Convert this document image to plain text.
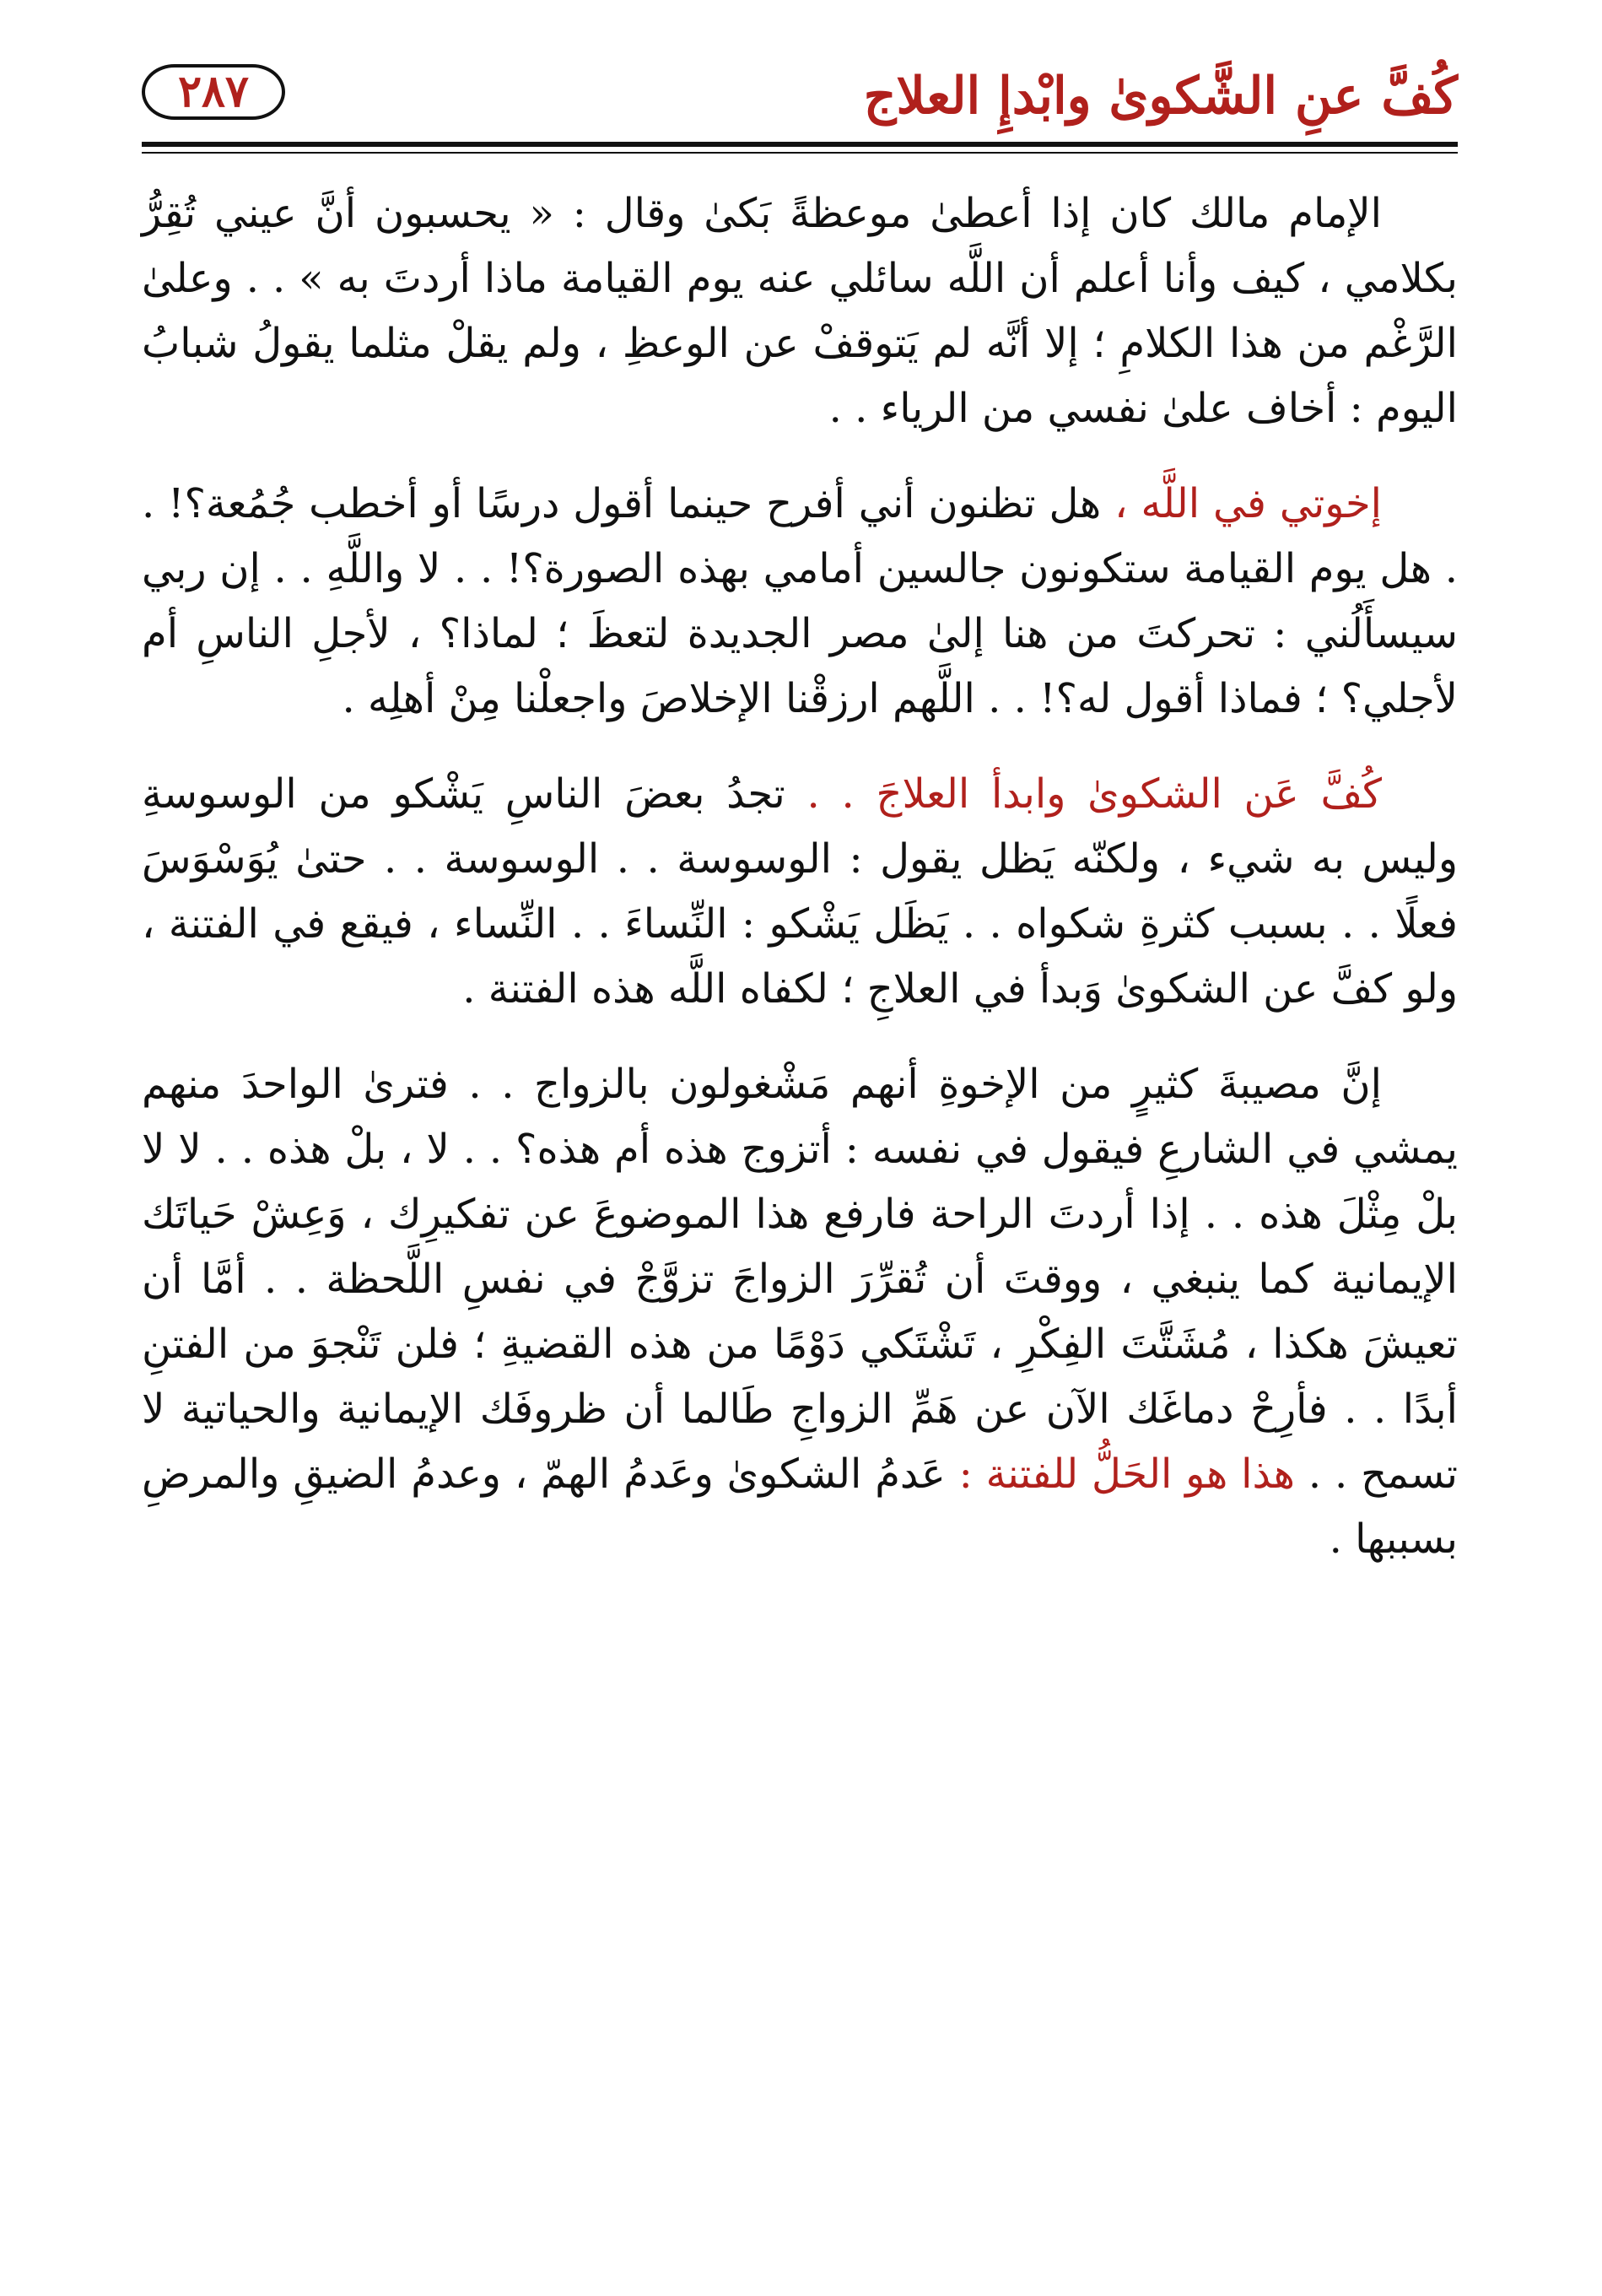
كُفَّ عنِ الشَّكوىٰ وابْدإِ العلاج
٢٨٧

الإمام مالك كان إذا أعطىٰ موعظةً بَكىٰ وقال : « يحسبون أنَّ عيني تُقِرُّ بكلامي ، كيف وأنا أعلم أن اللَّه سائلي عنه يوم القيامة ماذا أردتَ به » . . وعلىٰ الرَّغْم من هذا الكلامِ ؛ إلا أنَّه لم يَتوقفْ عن الوعظِ ، ولم يقلْ مثلما يقولُ شبابُ اليوم : أخاف علىٰ نفسي من الرياء . .

إخوتي في اللَّه ، هل تظنون أني أفرح حينما أقول درسًا أو أخطب جُمُعة؟! . . هل يوم القيامة ستكونون جالسين أمامي بهذه الصورة؟! . . لا واللَّهِ . . إن ربي سيسأَلُني : تحركتَ من هنا إلىٰ مصر الجديدة لتعظَ ؛ لماذا؟ ، لأجلِ الناسِ أم لأجلي؟ ؛ فماذا أقول له؟! . . اللَّهم ارزقْنا الإخلاصَ واجعلْنا مِنْ أهلِه .

كُفَّ عَن الشكوىٰ وابدأ العلاجَ . . تجدُ بعضَ الناسِ يَشْكو من الوسوسةِ وليس به شيء ، ولكنّه يَظل يقول : الوسوسة . . الوسوسة . . حتىٰ يُوَسْوَسَ فعلًا . . بسبب كثرةِ شكواه . . يَظَل يَشْكو : النِّساءَ . . النِّساء ، فيقع في الفتنة ، ولو كفَّ عن الشكوىٰ وَبدأ في العلاجِ ؛ لكفاه اللَّه هذه الفتنة .

إنَّ مصيبةَ كثيرٍ من الإخوةِ أنهم مَشْغولون بالزواج . . فترىٰ الواحدَ منهم يمشي في الشارعِ فيقول في نفسه : أتزوج هذه أم هذه؟ . . لا ، بلْ هذه . . لا لا بلْ مِثْلَ هذه . . إذا أردتَ الراحة فارفع هذا الموضوعَ عن تفكيرِك ، وَعِشْ حَياتَك الإيمانية كما ينبغي ، ووقتَ أن تُقرِّرَ الزواجَ تزوَّجْ في نفسِ اللَّحظة . . أمَّا أن تعيشَ هكذا ، مُشَتَّتَ الفِكْرِ ، تَشْتَكي دَوْمًا من هذه القضيةِ ؛ فلن تَنْجوَ من الفتنِ أبدًا . . فأرِحْ دماغَك الآن عن هَمِّ الزواجِ طَالما أن ظروفَك الإيمانية والحياتية لا تسمح . . هذا هو الحَلُّ للفتنة : عَدمُ الشكوىٰ وعَدمُ الهمّ ، وعدمُ الضيقِ والمرضِ بسببها .
